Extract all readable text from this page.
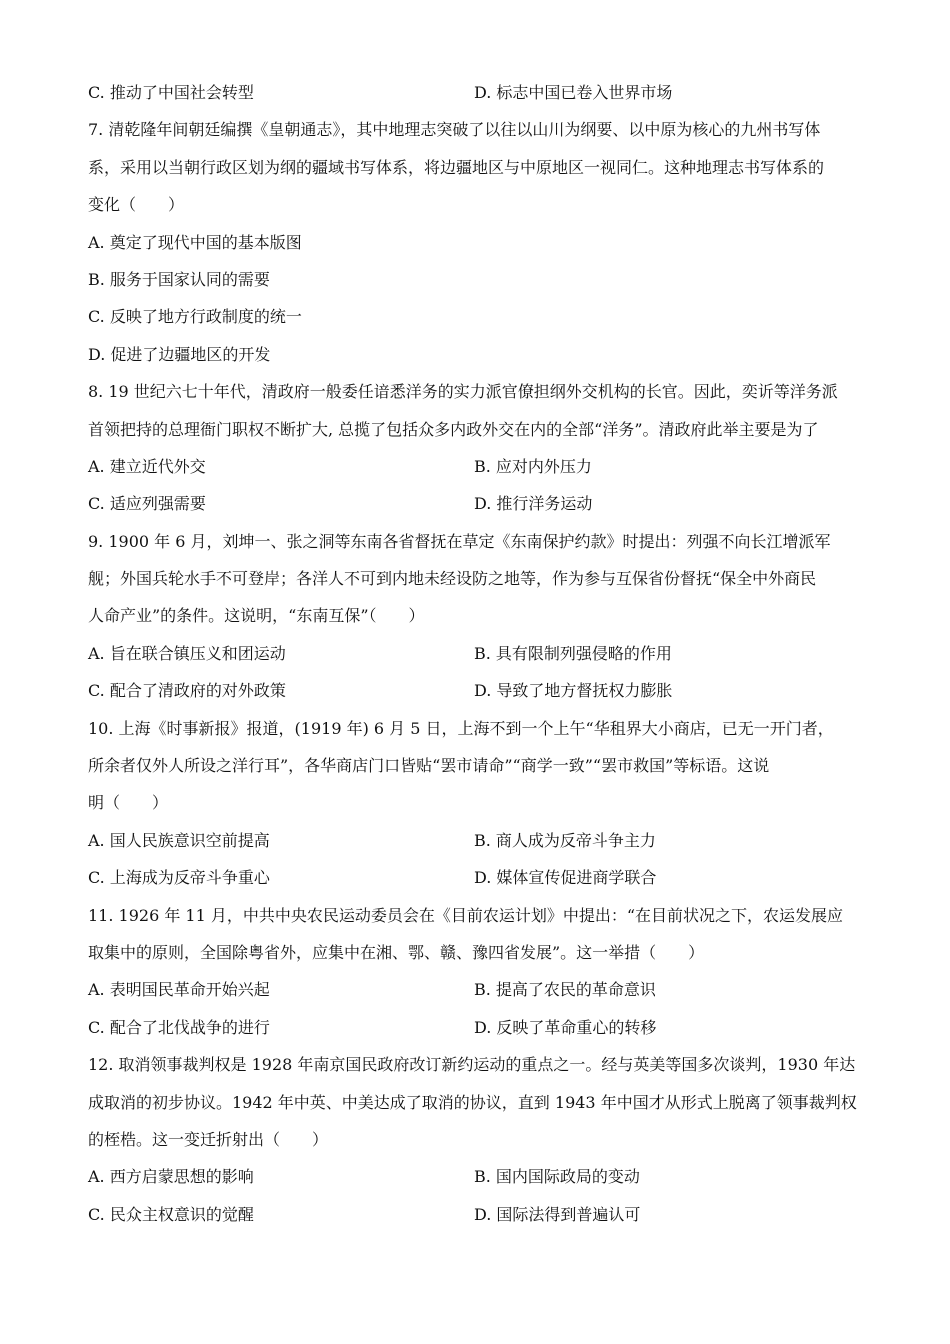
C. 推动了中国社会转型	D. 标志中国已卷入世界市场
7. 清乾隆年间朝廷编撰《皇朝通志》，其中地理志突破了以往以山川为纲要、以中原为核心的九州书写体
系，采用以当朝行政区划为纲的疆域书写体系，将边疆地区与中原地区一视同仁。这种地理志书写体系的
变化（　　）
A. 奠定了现代中国的基本版图
B. 服务于国家认同的需要
C. 反映了地方行政制度的统一
D. 促进了边疆地区的开发
8. 19 世纪六七十年代，清政府一般委任谙悉洋务的实力派官僚担纲外交机构的长官。因此，奕䜣等洋务派
首领把持的总理衙门职权不断扩大, 总揽了包括众多内政外交在内的全部“洋务”。清政府此举主要是为了
A. 建立近代外交	B. 应对内外压力
C. 适应列强需要	D. 推行洋务运动
9. 1900 年 6 月，刘坤一、张之洞等东南各省督抚在草定《东南保护约款》时提出：列强不向长江增派军
舰；外国兵轮水手不可登岸；各洋人不可到内地未经设防之地等，作为参与互保省份督抚“保全中外商民
人命产业”的条件。这说明，“东南互保”（　　）
A. 旨在联合镇压义和团运动	B. 具有限制列强侵略的作用
C. 配合了清政府的对外政策	D. 导致了地方督抚权力膨胀
10. 上海《时事新报》报道，(1919 年) 6 月 5 日，上海不到一个上午“华租界大小商店，已无一开门者，
所余者仅外人所设之洋行耳”，各华商店门口皆贴“罢市请命”“商学一致”“罢市救国”等标语。这说
明（　　）
A. 国人民族意识空前提高	B. 商人成为反帝斗争主力
C. 上海成为反帝斗争重心	D. 媒体宣传促进商学联合
11. 1926 年 11 月，中共中央农民运动委员会在《目前农运计划》中提出：“在目前状况之下，农运发展应
取集中的原则，全国除粤省外，应集中在湘、鄂、赣、豫四省发展”。这一举措（　　）
A. 表明国民革命开始兴起	B. 提高了农民的革命意识
C. 配合了北伐战争的进行	D. 反映了革命重心的转移
12. 取消领事裁判权是 1928 年南京国民政府改订新约运动的重点之一。经与英美等国多次谈判，1930 年达
成取消的初步协议。1942 年中英、中美达成了取消的协议，直到 1943 年中国才从形式上脱离了领事裁判权
的桎梏。这一变迁折射出（　　）
A. 西方启蒙思想的影响	B. 国内国际政局的变动
C. 民众主权意识的觉醒	D. 国际法得到普遍认可
